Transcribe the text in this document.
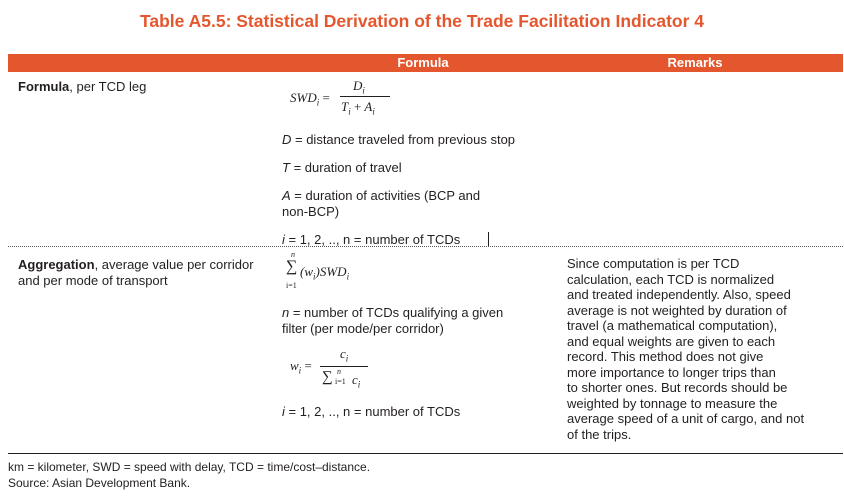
Table A5.5: Statistical Derivation of the Trade Facilitation Indicator 4
Formula	Remarks
Formula, per TCD leg
$SWD_i$ =
$D_i$
$T_i + A_i$
D = distance traveled from previous stop
T = duration of travel
A = duration of activities (BCP and
non-BCP)
i = 1, 2, .., n = number of TCDs
Aggregation, average value per corridor
and per mode of transport
n
∑
i=1
$(w_i)SWD_i$
n = number of TCDs qualifying a given
filter (per mode/per corridor)
$w_i$ =
$c_i$
∑ n
i=1 $c_i$
i = 1, 2, .., n = number of TCDs
Since computation is per TCD
calculation, each TCD is normalized
and treated independently. Also, speed
average is not weighted by duration of
travel (a mathematical computation),
and equal weights are given to each
record. This method does not give
more importance to longer trips than
to shorter ones. But records should be
weighted by tonnage to measure the
average speed of a unit of cargo, and not
of the trips.
km = kilometer, SWD = speed with delay, TCD = time/cost–distance.
Source: Asian Development Bank.
